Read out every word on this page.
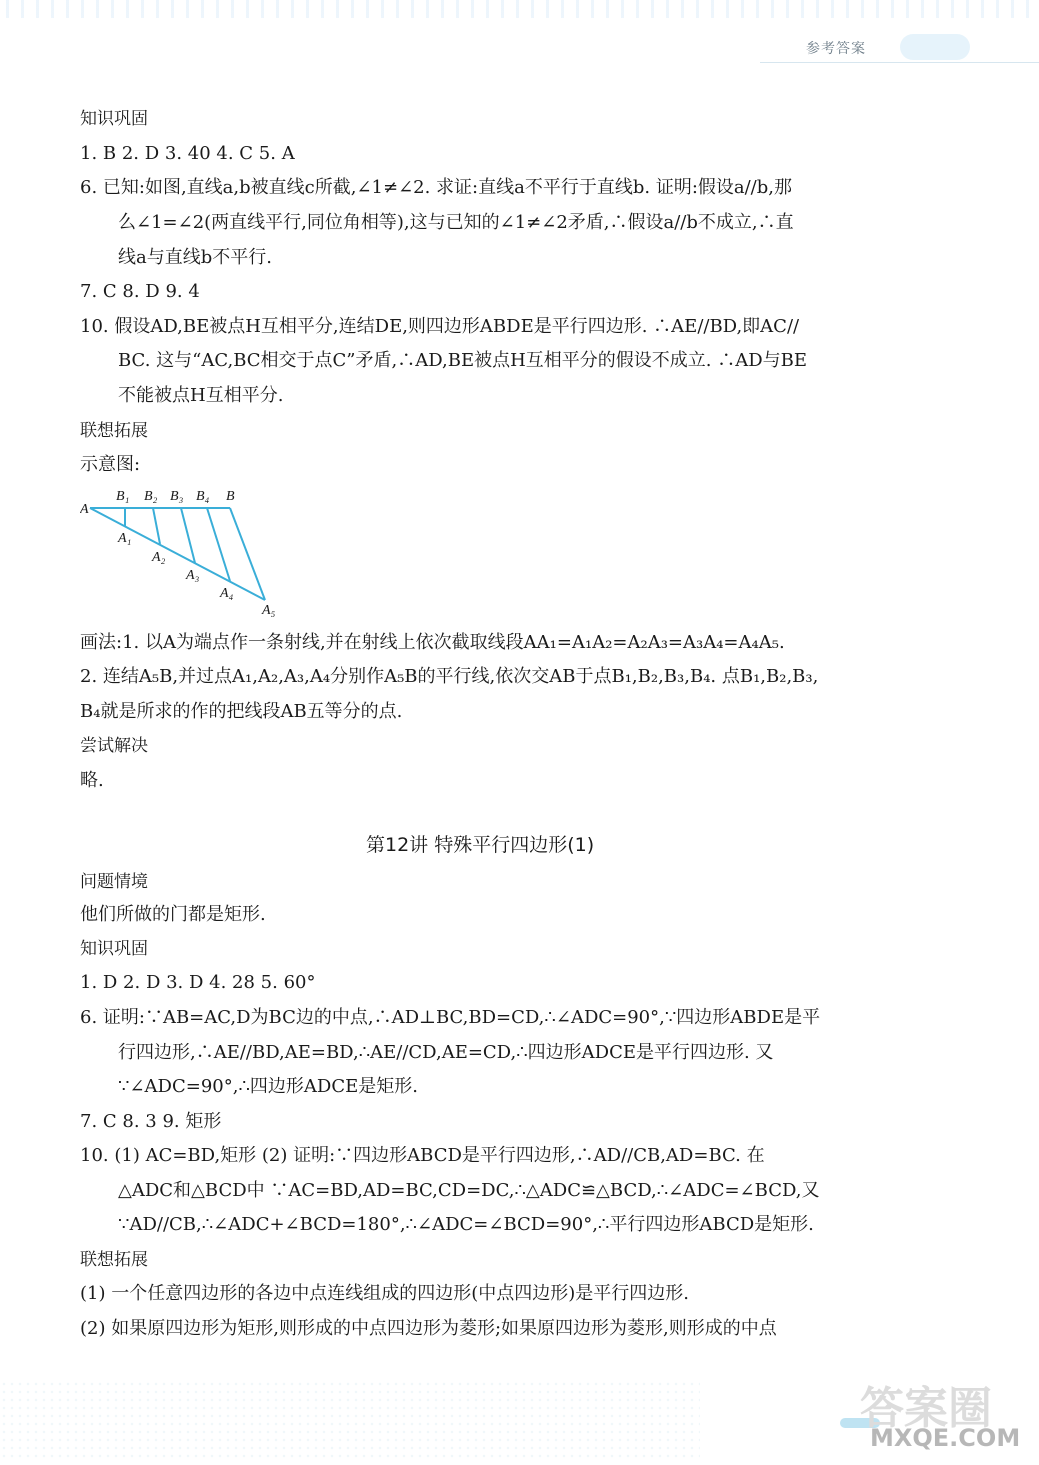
参考答案
知识巩固
1. B 2. D 3. 40 4. C 5. A
6. 已知:如图,直线a,b被直线c所截,∠1≠∠2. 求证:直线a不平行于直线b. 证明:假设a//b,那
么∠1=∠2(两直线平行,同位角相等),这与已知的∠1≠∠2矛盾,∴假设a//b不成立,∴直
线a与直线b不平行.
7. C 8. D 9. 4
10. 假设AD,BE被点H互相平分,连结DE,则四边形ABDE是平行四边形. ∴AE//BD,即AC//
BC. 这与“AC,BC相交于点C”矛盾,∴AD,BE被点H互相平分的假设不成立. ∴AD与BE
不能被点H互相平分.
联想拓展
示意图:
A
B₁ B₂ B₃ B₄ B
A₁
A₂
A₃
A₄
A₅
画法:1. 以A为端点作一条射线,并在射线上依次截取线段AA₁=A₁A₂=A₂A₃=A₃A₄=A₄A₅.
2. 连结A₅B,并过点A₁,A₂,A₃,A₄分别作A₅B的平行线,依次交AB于点B₁,B₂,B₃,B₄. 点B₁,B₂,B₃,
B₄就是所求的作的把线段AB五等分的点.
尝试解决
略.
第12讲 特殊平行四边形(1)
问题情境
他们所做的门都是矩形.
知识巩固
1. D 2. D 3. D 4. 28 5. 60°
6. 证明:∵AB=AC,D为BC边的中点,∴AD⊥BC,BD=CD,∴∠ADC=90°,∵四边形ABDE是平
行四边形,∴AE//BD,AE=BD,∴AE//CD,AE=CD,∴四边形ADCE是平行四边形. 又
∵∠ADC=90°,∴四边形ADCE是矩形.
7. C 8. 3 9. 矩形
10. (1) AC=BD,矩形 (2) 证明:∵四边形ABCD是平行四边形,∴AD//CB,AD=BC. 在
△ADC和△BCD中 ∵AC=BD,AD=BC,CD=DC,∴△ADC≌△BCD,∴∠ADC=∠BCD,又
∵AD//CB,∴∠ADC+∠BCD=180°,∴∠ADC=∠BCD=90°,∴平行四边形ABCD是矩形.
联想拓展
(1) 一个任意四边形的各边中点连线组成的四边形(中点四边形)是平行四边形.
(2) 如果原四边形为矩形,则形成的中点四边形为菱形;如果原四边形为菱形,则形成的中点
答案圈
MXQE.COM
